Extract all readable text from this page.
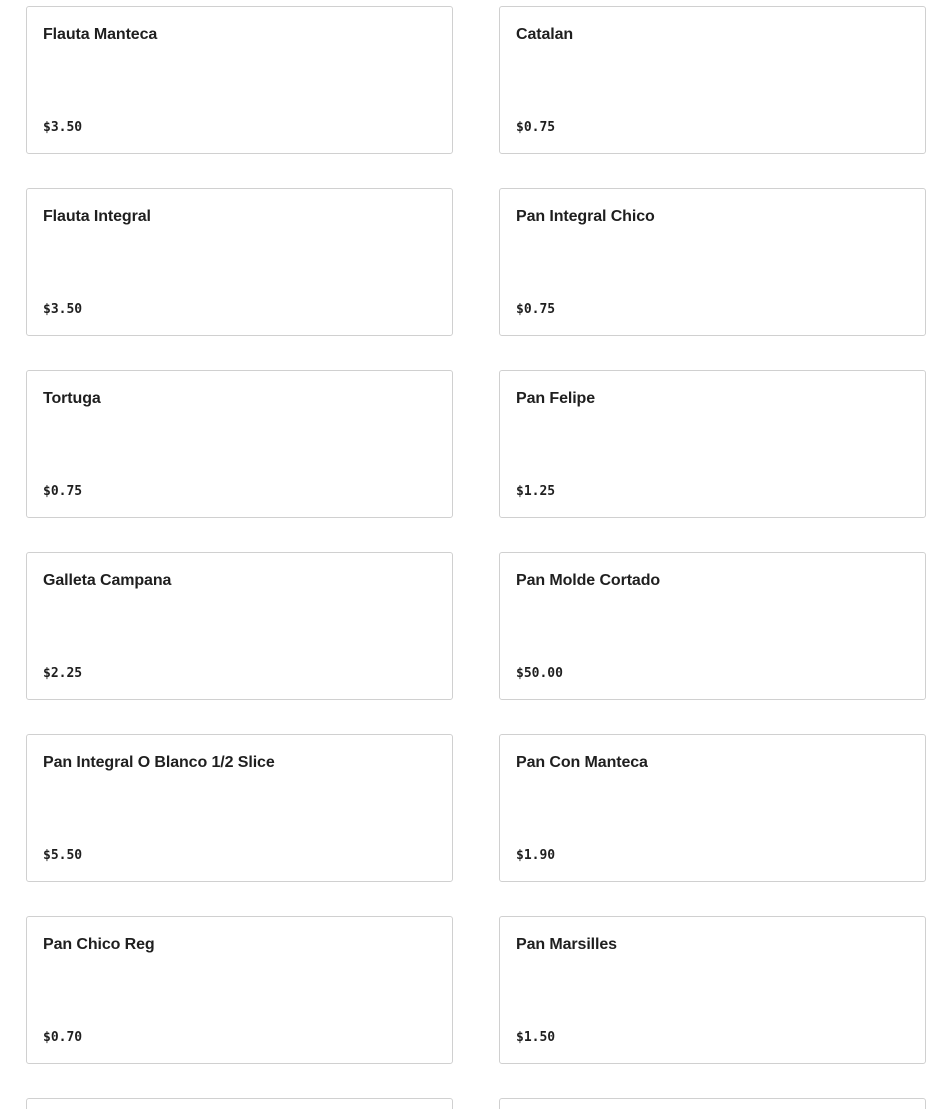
Flauta Manteca
$3.50
Catalan
$0.75
Flauta Integral
$3.50
Pan Integral Chico
$0.75
Tortuga
$0.75
Pan Felipe
$1.25
Galleta Campana
$2.25
Pan Molde Cortado
$50.00
Pan Integral O Blanco 1/2 Slice
$5.50
Pan Con Manteca
$1.90
Pan Chico Reg
$0.70
Pan Marsilles
$1.50
